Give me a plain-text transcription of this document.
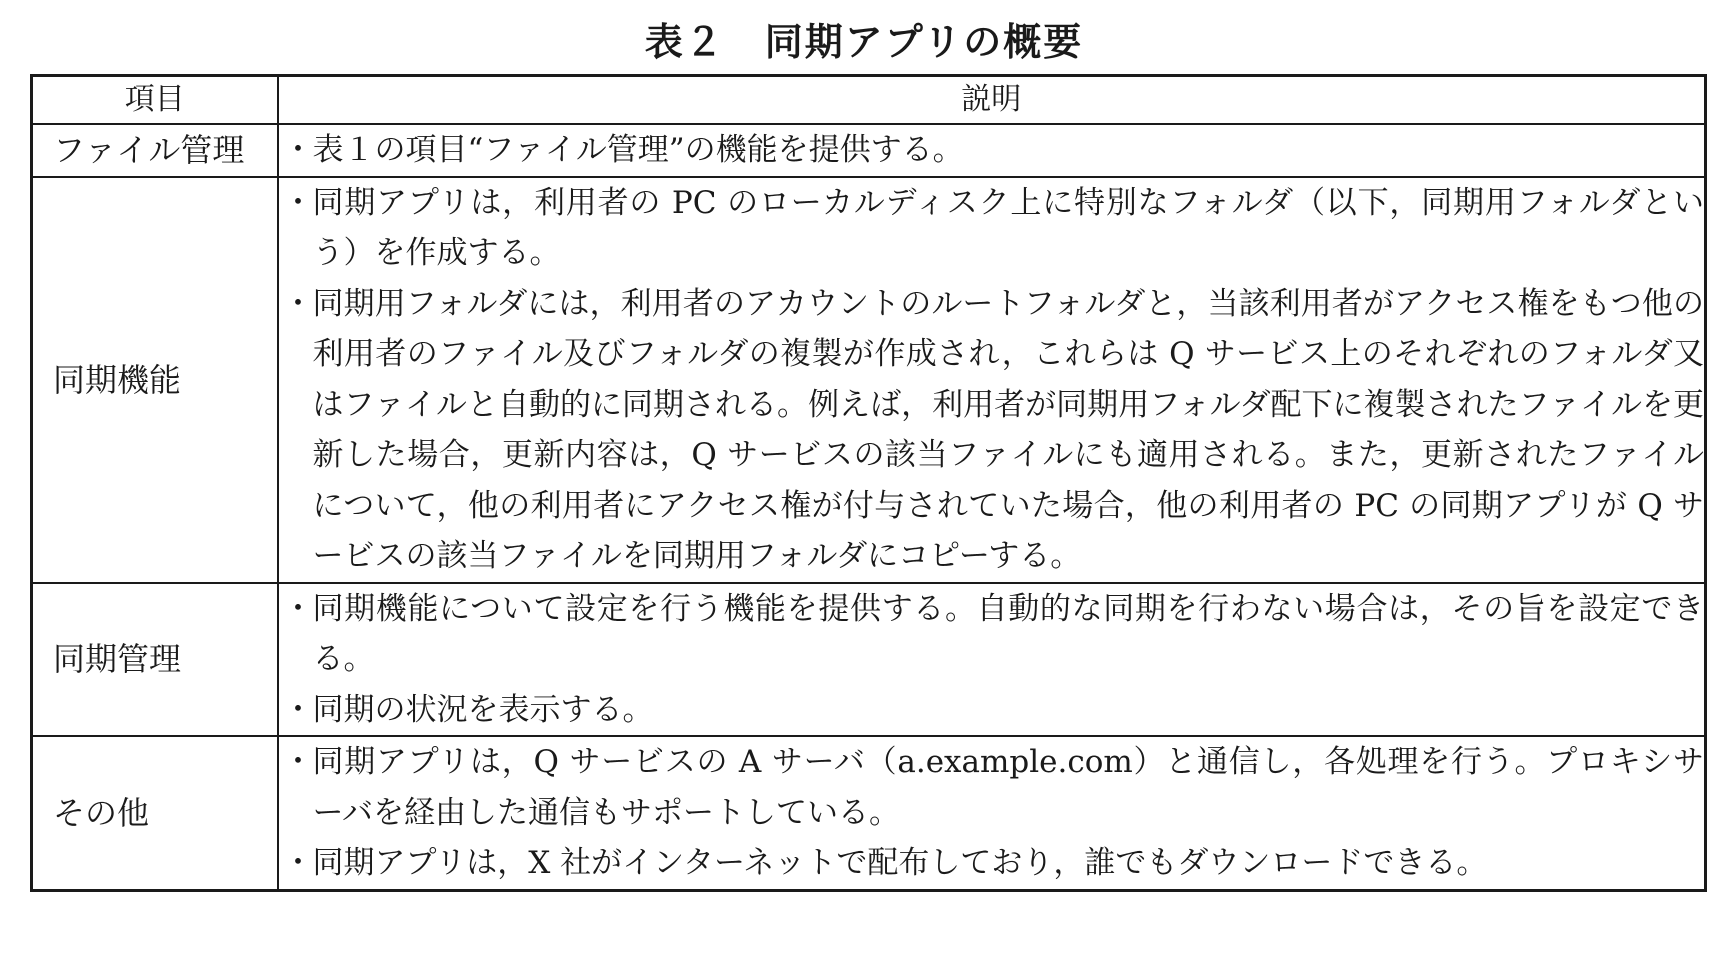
表２　同期アプリの概要
項目	説明
ファイル管理	・ 表１の項目“ファイル管理”の機能を提供する。

同期機能	・ 同期アプリは，利用者の PC のローカルディスク上に特別なフォルダ（以下，同期用フォルダという）を作成する。
・ 同期用フォルダには，利用者のアカウントのルートフォルダと，当該利用者がアクセス権をもつ他の利用者のファイル及びフォルダの複製が作成され，これらは Q サービス上のそれぞれのフォルダ又はファイルと自動的に同期される。例えば，利用者が同期用フォルダ配下に複製されたファイルを更新した場合，更新内容は，Q サービスの該当ファイルにも適用される。また，更新されたファイルについて，他の利用者にアクセス権が付与されていた場合，他の利用者の PC の同期アプリが Q サービスの該当ファイルを同期用フォルダにコピーする。

同期管理	・ 同期機能について設定を行う機能を提供する。自動的な同期を行わない場合は，その旨を設定できる。
・ 同期の状況を表示する。

その他	・ 同期アプリは，Q サービスの A サーバ（a.example.com）と通信し，各処理を行う。プロキシサーバを経由した通信もサポートしている。
・ 同期アプリは，X 社がインターネットで配布しており，誰でもダウンロードできる。
